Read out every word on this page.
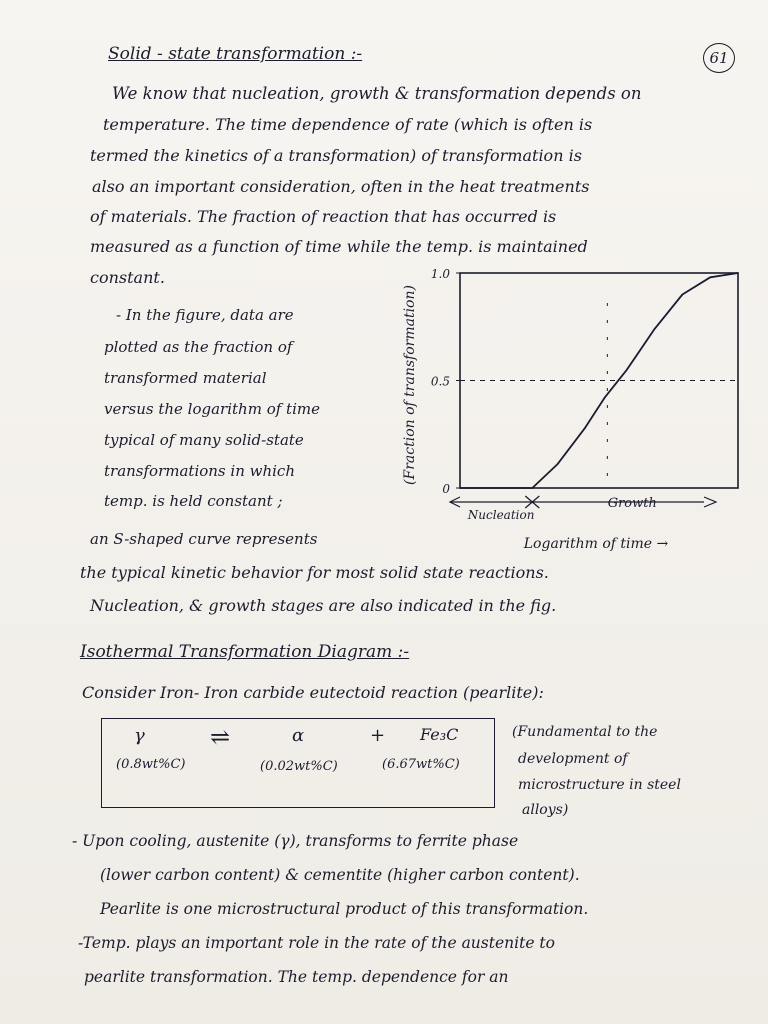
Solid - state transformation :-	61
We know that nucleation, growth & transformation depends on
temperature. The time dependence of rate (which is often is
termed the kinetics of a transformation) of transformation is
also an important consideration, often in the heat treatments
of materials. The fraction of reaction that has occurred is
measured as a function of time while the temp. is maintained
constant.
- In the figure, data are
plotted as the fraction of
transformed material
versus the logarithm of time
typical of many solid-state
transformations in which
temp. is held constant ;
0
0.5
1.0
(Fraction of transformation)
Nucleation
Growth
Logarithm of time →
an S-shaped curve represents
the typical kinetic behavior for most solid state reactions.
Nucleation, & growth stages are also indicated in the fig.
Isothermal Transformation Diagram :-
Consider Iron- Iron carbide eutectoid reaction (pearlite):
γ	⇌	α	+ Fe₃C
(0.8wt%C)	(0.02wt%C)	(6.67wt%C)
(Fundamental to the
development of
microstructure in steel
alloys)
- Upon cooling, austenite (γ), transforms to ferrite phase
(lower carbon content) & cementite (higher carbon content).
Pearlite is one microstructural product of this transformation.
-Temp. plays an important role in the rate of the austenite to
pearlite transformation. The temp. dependence for an
